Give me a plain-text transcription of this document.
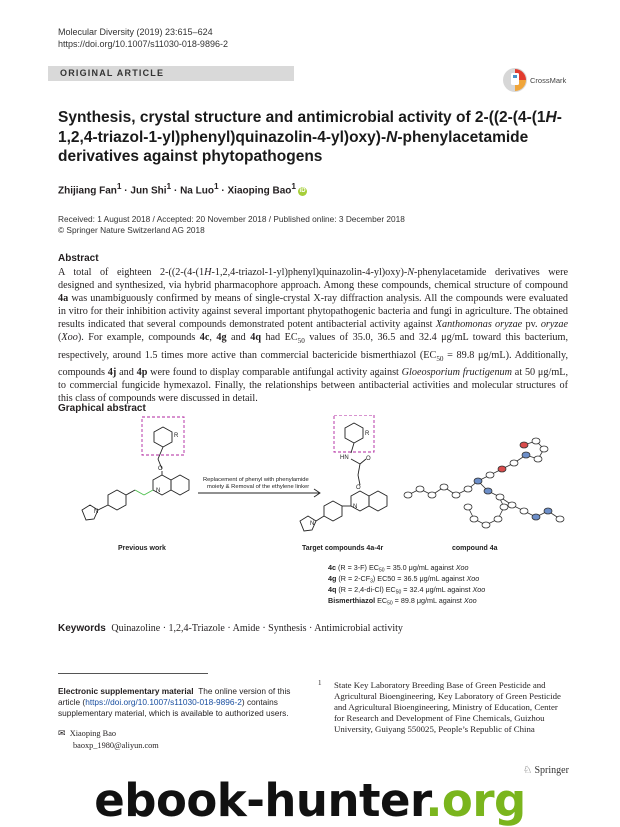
Molecular Diversity (2019) 23:615–624
https://doi.org/10.1007/s11030-018-9896-2
ORIGINAL ARTICLE
CrossMark
Synthesis, crystal structure and antimicrobial activity of 2-((2-(4-(1H-1,2,4-triazol-1-yl)phenyl)quinazolin-4-yl)oxy)-N-phenylacetamide derivatives against phytopathogens
Zhijiang Fan$^1$ · Jun Shi$^1$ · Na Luo$^1$ · Xiaoping Bao$^1$iD
Received: 1 August 2018 / Accepted: 20 November 2018 / Published online: 3 December 2018
© Springer Nature Switzerland AG 2018
Abstract
A total of eighteen 2-((2-(4-(1H-1,2,4-triazol-1-yl)phenyl)quinazolin-4-yl)oxy)-N-phenylacetamide derivatives were designed and synthesized, via hybrid pharmacophore approach. Among these compounds, chemical structure of compound 4a was unambiguously confirmed by means of single-crystal X-ray diffraction analysis. All the compounds were evaluated in vitro for their inhibition activity against several important phytopathogenic bacteria and fungi in agriculture. The obtained results indicated that several compounds demonstrated potent antibacterial activity against Xanthomonas oryzae pv. oryzae (Xoo). For example, compounds 4c, 4g and 4q had $EC_{50}$ values of 35.0, 36.5 and 32.4 μg/mL toward this bacterium, respectively, around 1.5 times more active than commercial bactericide bismerthiazol ($EC_{50} = 89.8$ μg/mL). Additionally, compounds 4j and 4p were found to display comparable antifungal activity against Gloeosporium fructigenum at 50 μg/mL, to commercial fungicide hymexazol. Finally, the relationships between antibacterial activities and molecular structures of this class of compounds were discussed in detail.
Graphical abstract
R
O
N
N
Previous work
Replacement of phenyl with phenylamide
moiety & Removal of the ethylene linker
R
HN	O
O
N
N
Target compounds 4a-4r	compound 4a
4c (R = 3-F) $EC_{50} = 35.0$ μg/mL against Xoo
4g $(R = 2-CF_3)$ EC50 = 36.5 μg/mL against Xoo
4q (R = 2,4-di-Cl) $EC_{50} = 32.4$ μg/mL against Xoo
Bismerthiazol $EC_{50} = 89.8$ μg/mL against Xoo
Keywords Quinazoline · 1,2,4-Triazole · Amide · Synthesis · Antimicrobial activity
Electronic supplementary material The online version of this article (https://doi.org/10.1007/s11030-018-9896-2) contains supplementary material, which is available to authorized users.
✉ Xiaoping Bao
baoxp_1980@aliyun.com
1 State Key Laboratory Breeding Base of Green Pesticide and Agricultural Bioengineering, Key Laboratory of Green Pesticide and Agricultural Bioengineering, Ministry of Education, Center for Research and Development of Fine Chemicals, Guizhou University, Guiyang 550025, People’s Republic of China
♘ Springer
ebook-hunter.org
